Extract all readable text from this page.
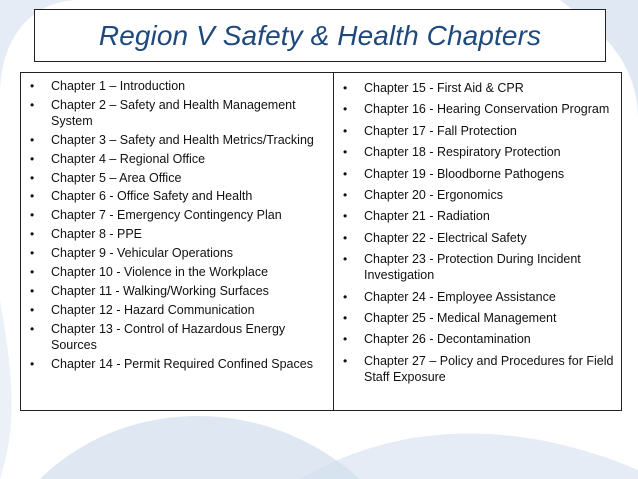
Region V Safety & Health Chapters
• Chapter 1 – Introduction
• Chapter 2 – Safety and Health Management System
• Chapter 3 – Safety and Health Metrics/Tracking
• Chapter 4 – Regional Office
• Chapter 5 – Area Office
• Chapter 6 - Office Safety and Health
• Chapter 7 - Emergency Contingency Plan
• Chapter 8 - PPE
• Chapter 9 - Vehicular Operations
• Chapter 10 - Violence in the Workplace
• Chapter 11 - Walking/Working Surfaces
• Chapter 12 - Hazard Communication
• Chapter 13 - Control of Hazardous Energy Sources
• Chapter 14 - Permit Required Confined Spaces
• Chapter 15 - First Aid & CPR
• Chapter 16 - Hearing Conservation Program
• Chapter 17 - Fall Protection
• Chapter 18 - Respiratory Protection
• Chapter 19 - Bloodborne Pathogens
• Chapter 20 - Ergonomics
• Chapter 21 - Radiation
• Chapter 22 - Electrical Safety
• Chapter 23 - Protection During Incident Investigation
• Chapter 24 - Employee Assistance
• Chapter 25 - Medical Management
• Chapter 26 - Decontamination
• Chapter 27 – Policy and Procedures for Field Staff Exposure
